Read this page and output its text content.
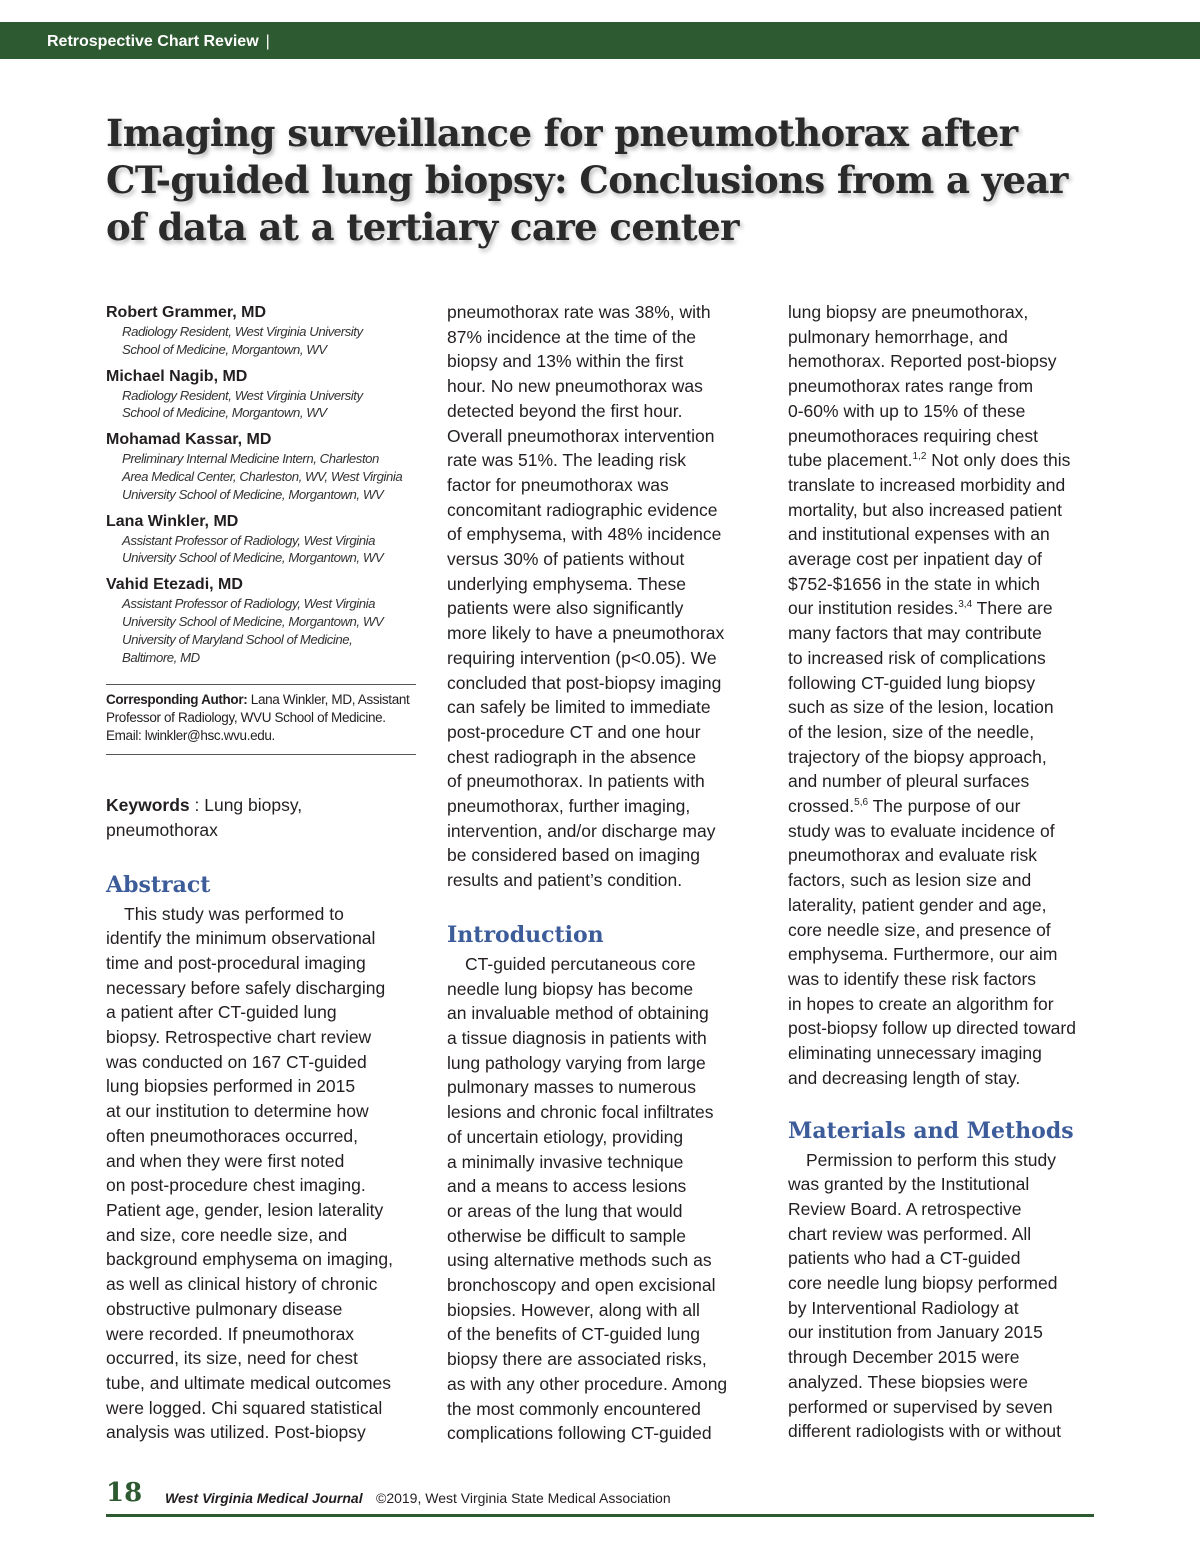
Retrospective Chart Review |
Imaging surveillance for pneumothorax after
CT-guided lung biopsy: Conclusions from a year
of data at a tertiary care center
Robert Grammer, MD
Radiology Resident, West Virginia University
School of Medicine, Morgantown, WV
Michael Nagib, MD
Radiology Resident, West Virginia University
School of Medicine, Morgantown, WV
Mohamad Kassar, MD
Preliminary Internal Medicine Intern, Charleston
Area Medical Center, Charleston, WV, West Virginia
University School of Medicine, Morgantown, WV
Lana Winkler, MD
Assistant Professor of Radiology, West Virginia
University School of Medicine, Morgantown, WV
Vahid Etezadi, MD
Assistant Professor of Radiology, West Virginia
University School of Medicine, Morgantown, WV
University of Maryland School of Medicine,
Baltimore, MD
Corresponding Author: Lana Winkler, MD, Assistant
Professor of Radiology, WVU School of Medicine.
Email: lwinkler@hsc.wvu.edu.
Keywords : Lung biopsy,
pneumothorax
Abstract

This study was performed to
identify the minimum observational
time and post-procedural imaging
necessary before safely discharging
a patient after CT-guided lung
biopsy. Retrospective chart review
was conducted on 167 CT-guided
lung biopsies performed in 2015
at our institution to determine how
often pneumothoraces occurred,
and when they were first noted
on post-procedure chest imaging.
Patient age, gender, lesion laterality
and size, core needle size, and
background emphysema on imaging,
as well as clinical history of chronic
obstructive pulmonary disease
were recorded. If pneumothorax
occurred, its size, need for chest
tube, and ultimate medical outcomes
were logged. Chi squared statistical
analysis was utilized. Post-biopsy

pneumothorax rate was 38%, with
87% incidence at the time of the
biopsy and 13% within the first
hour. No new pneumothorax was
detected beyond the first hour.
Overall pneumothorax intervention
rate was 51%. The leading risk
factor for pneumothorax was
concomitant radiographic evidence
of emphysema, with 48% incidence
versus 30% of patients without
underlying emphysema. These
patients were also significantly
more likely to have a pneumothorax
requiring intervention (p<0.05). We
concluded that post-biopsy imaging
can safely be limited to immediate
post-procedure CT and one hour
chest radiograph in the absence
of pneumothorax. In patients with
pneumothorax, further imaging,
intervention, and/or discharge may
be considered based on imaging
results and patient’s condition.

Introduction

CT-guided percutaneous core
needle lung biopsy has become
an invaluable method of obtaining
a tissue diagnosis in patients with
lung pathology varying from large
pulmonary masses to numerous
lesions and chronic focal infiltrates
of uncertain etiology, providing
a minimally invasive technique
and a means to access lesions
or areas of the lung that would
otherwise be difficult to sample
using alternative methods such as
bronchoscopy and open excisional
biopsies. However, along with all
of the benefits of CT-guided lung
biopsy there are associated risks,
as with any other procedure. Among
the most commonly encountered
complications following CT-guided

lung biopsy are pneumothorax,
pulmonary hemorrhage, and
hemothorax. Reported post-biopsy
pneumothorax rates range from
0-60% with up to 15% of these
pneumothoraces requiring chest
tube placement.$^{1,2}$ Not only does this
translate to increased morbidity and
mortality, but also increased patient
and institutional expenses with an
average cost per inpatient day of
$752-$1656 in the state in which
our institution resides.$^{3,4}$ There are
many factors that may contribute
to increased risk of complications
following CT-guided lung biopsy
such as size of the lesion, location
of the lesion, size of the needle,
trajectory of the biopsy approach,
and number of pleural surfaces
crossed.$^{5,6}$ The purpose of our
study was to evaluate incidence of
pneumothorax and evaluate risk
factors, such as lesion size and
laterality, patient gender and age,
core needle size, and presence of
emphysema. Furthermore, our aim
was to identify these risk factors
in hopes to create an algorithm for
post-biopsy follow up directed toward
eliminating unnecessary imaging
and decreasing length of stay.

Materials and Methods

Permission to perform this study
was granted by the Institutional
Review Board. A retrospective
chart review was performed. All
patients who had a CT-guided
core needle lung biopsy performed
by Interventional Radiology at
our institution from January 2015
through December 2015 were
analyzed. These biopsies were
performed or supervised by seven
different radiologists with or without

18 West Virginia Medical Journal ©2019, West Virginia State Medical Association
